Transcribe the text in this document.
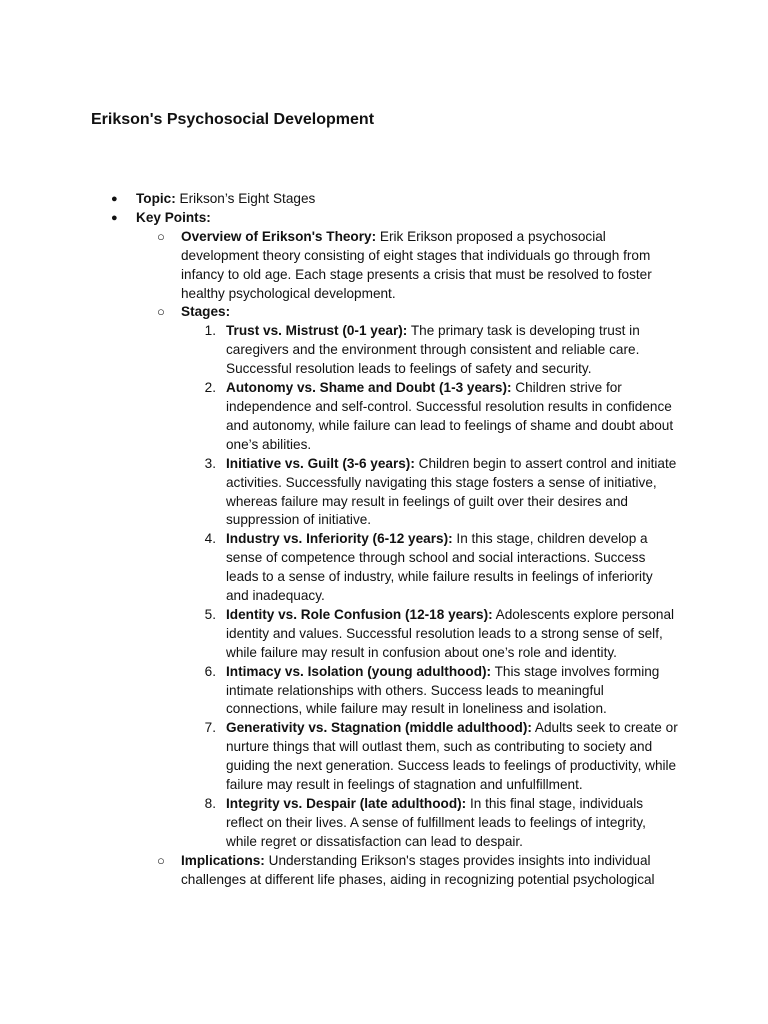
Erikson's Psychosocial Development
● Topic: Erikson’s Eight Stages
● Key Points:
○ Overview of Erikson's Theory: Erik Erikson proposed a psychosocial development theory consisting of eight stages that individuals go through from infancy to old age. Each stage presents a crisis that must be resolved to foster healthy psychological development.
○ Stages:
1. Trust vs. Mistrust (0-1 year): The primary task is developing trust in caregivers and the environment through consistent and reliable care. Successful resolution leads to feelings of safety and security.
2. Autonomy vs. Shame and Doubt (1-3 years): Children strive for independence and self-control. Successful resolution results in confidence and autonomy, while failure can lead to feelings of shame and doubt about one’s abilities.
3. Initiative vs. Guilt (3-6 years): Children begin to assert control and initiate activities. Successfully navigating this stage fosters a sense of initiative, whereas failure may result in feelings of guilt over their desires and suppression of initiative.
4. Industry vs. Inferiority (6-12 years): In this stage, children develop a sense of competence through school and social interactions. Success leads to a sense of industry, while failure results in feelings of inferiority and inadequacy.
5. Identity vs. Role Confusion (12-18 years): Adolescents explore personal identity and values. Successful resolution leads to a strong sense of self, while failure may result in confusion about one’s role and identity.
6. Intimacy vs. Isolation (young adulthood): This stage involves forming intimate relationships with others. Success leads to meaningful connections, while failure may result in loneliness and isolation.
7. Generativity vs. Stagnation (middle adulthood): Adults seek to create or nurture things that will outlast them, such as contributing to society and guiding the next generation. Success leads to feelings of productivity, while failure may result in feelings of stagnation and unfulfillment.
8. Integrity vs. Despair (late adulthood): In this final stage, individuals reflect on their lives. A sense of fulfillment leads to feelings of integrity, while regret or dissatisfaction can lead to despair.
○ Implications: Understanding Erikson's stages provides insights into individual challenges at different life phases, aiding in recognizing potential psychological
